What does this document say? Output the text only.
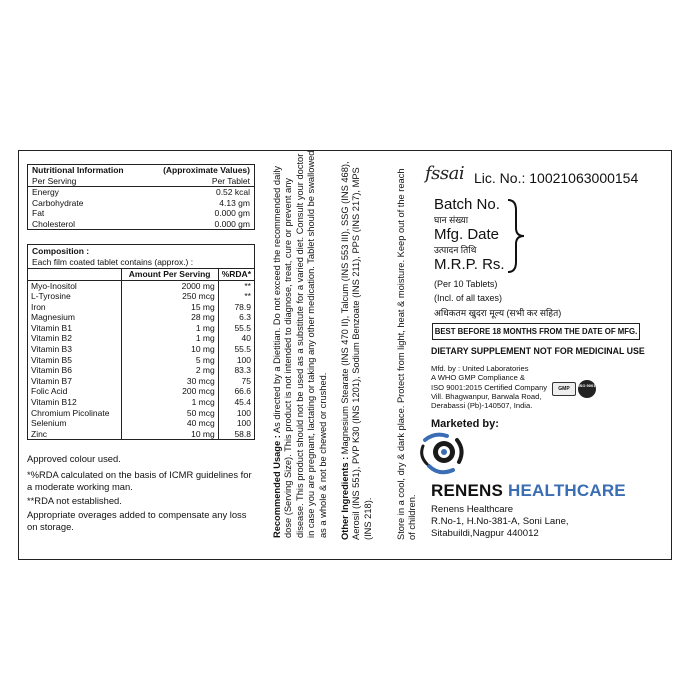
Nutritional Information	(Approximate Values)
Per Serving	Per Tablet
Energy	0.52 kcal
Carbohydrate	4.13 gm
Fat	0.000 gm
Cholesterol	0.000 gm
Composition :
Each film coated tablet contains (approx.) :
	Amount Per Serving	%RDA*
Myo-Inositol	2000 mg	**
L-Tyrosine	250 mcg	**
Iron	15 mg	78.9
Magnesium	28 mg	6.3
Vitamin B1	1 mg	55.5
Vitamin B2	1 mg	40
Vitamin B3	10 mg	55.5
Vitamin B5	5 mg	100
Vitamin B6	2 mg	83.3
Vitamin B7	30 mcg	75
Folic Acid	200 mcg	66.6
Vitamin B12	1 mcg	45.4
Chromium Picolinate	50 mcg	100
Selenium	40 mcg	100
Zinc	10 mg	58.8

Approved colour used.

*%RDA calculated on the basis of ICMR guidelines for a moderate working man.

**RDA not established.

Appropriate overages added to compensate any loss on storage.	Recommended Usage : As directed by a Dietitian. Do not exceed the recommended daily dose (Serving Size). This product is not intended to diagnose, treat, cure or prevent any disease. This product should not be used as a substitute for a varied diet. Consult your doctor in case you are pregnant, lactating or taking any other medication. Tablet should be swallowed as a whole & not be chewed or crushed. Other Ingredients : Magnesium Stearate (INS 470 II), Talcum (INS 553 III), SSG (INS 468), Aerosil (INS 551), PVP K30 (INS 1201), Sodium Benzoate (INS 211), PPS (INS 217), MPS (INS 218). Store in a cool, dry & dark place. Protect from light, heat & moisture. Keep out of the reach of children.
fssai Lic. No.: 10021063000154
Batch No.
घान संख्या
Mfg. Date
उत्पादन तिथि
M.R.P. Rs.
(Per 10 Tablets)
(Incl. of all taxes)
अधिकतम खुदरा मूल्य (सभी कर सहित)
BEST BEFORE 18 MONTHS FROM THE DATE OF MFG.
DIETARY SUPPLEMENT NOT FOR MEDICINAL USE
Mfd. by : United Laboratories
A WHO GMP Compliance &
ISO 9001:2015 Certified Company
Vill. Bhagwanpur, Barwala Road,
Derabassi (Pb)-140507, India.
GMP
ISO 9001
Marketed by:
RENENS HEALTHCARE
Renens Healthcare
R.No-1, H.No-381-A, Soni Lane,
Sitabuildi,Nagpur 440012
